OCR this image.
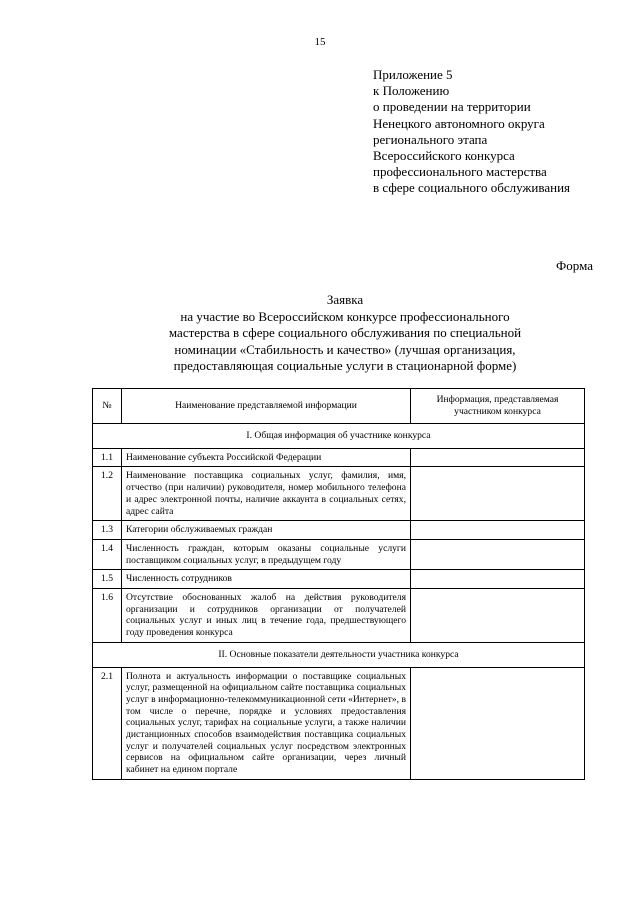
15
Приложение 5
к Положению
о проведении на территории
Ненецкого автономного округа
регионального этапа
Всероссийского конкурса
профессионального мастерства
в сфере социального обслуживания
Форма
Заявка
на участие во Всероссийском конкурсе профессионального
мастерства в сфере социального обслуживания по специальной
номинации «Стабильность и качество» (лучшая организация,
предоставляющая социальные услуги в стационарной форме)
№	Наименование представляемой информации	Информация, представляемая участником конкурса
I. Общая информация об участнике конкурса		
1.1	Наименование субъекта Российской Федерации	
1.2	Наименование поставщика социальных услуг, фамилия, имя, отчество (при наличии) руководителя, номер мобильного телефона и адрес электронной почты, наличие аккаунта в социальных сетях, адрес сайта	
1.3	Категории обслуживаемых граждан	
1.4	Численность граждан, которым оказаны социальные услуги поставщиком социальных услуг, в предыдущем году	
1.5	Численность сотрудников	
1.6	Отсутствие обоснованных жалоб на действия руководителя организации и сотрудников организации от получателей социальных услуг и иных лиц в течение года, предшествующего году проведения конкурса	
II. Основные показатели деятельности участника конкурса		
2.1	Полнота и актуальность информации о поставщике социальных услуг, размещенной на официальном сайте поставщика социальных услуг в информационно-телекоммуникационной сети «Интернет», в том числе о перечне, порядке и условиях предоставления социальных услуг, тарифах на социальные услуги, а также наличии дистанционных способов взаимодействия поставщика социальных услуг и получателей социальных услуг посредством электронных сервисов на официальном сайте организации, через личный кабинет на едином портале	
